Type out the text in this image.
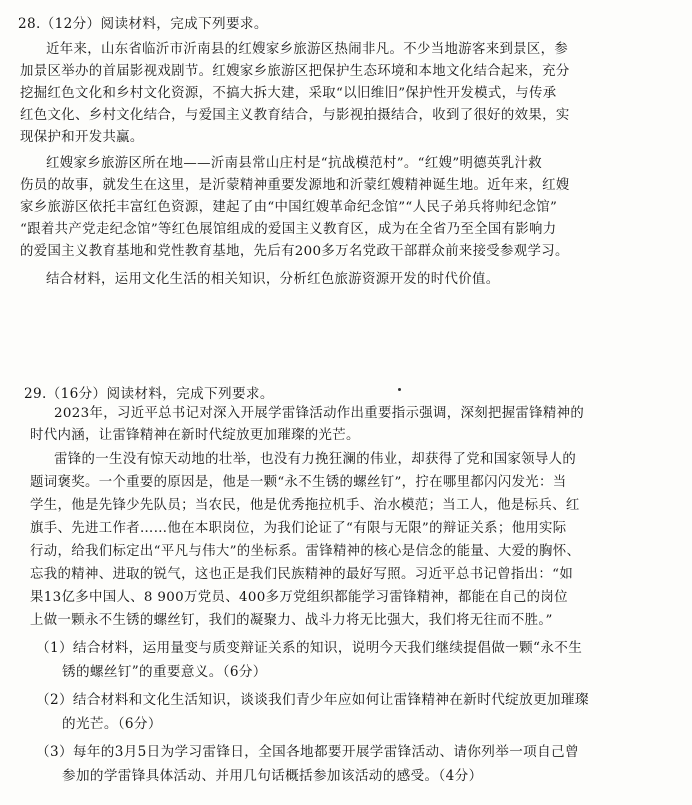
28.（12分）阅读材料，完成下列要求。
近年来，山东省临沂市沂南县的红嫂家乡旅游区热闹非凡。不少当地游客来到景区，参
加景区举办的首届影视戏剧节。红嫂家乡旅游区把保护生态环境和本地文化结合起来，充分
挖掘红色文化和乡村文化资源，不搞大拆大建，采取“以旧维旧”保护性开发模式，与传承
红色文化、乡村文化结合，与爱国主义教育结合，与影视拍摄结合，收到了很好的效果，实
现保护和开发共赢。
红嫂家乡旅游区所在地——沂南县常山庄村是“抗战模范村”。“红嫂”明德英乳汁救
伤员的故事，就发生在这里，是沂蒙精神重要发源地和沂蒙红嫂精神诞生地。近年来，红嫂
家乡旅游区依托丰富红色资源，建起了由“中国红嫂革命纪念馆”“人民子弟兵将帅纪念馆”
“跟着共产党走纪念馆”等红色展馆组成的爱国主义教育区，成为在全省乃至全国有影响力
的爱国主义教育基地和党性教育基地，先后有200多万名党政干部群众前来接受参观学习。
结合材料，运用文化生活的相关知识，分析红色旅游资源开发的时代价值。
29.（16分）阅读材料，完成下列要求。
2023年，习近平总书记对深入开展学雷锋活动作出重要指示强调，深刻把握雷锋精神的
时代内涵，让雷锋精神在新时代绽放更加璀璨的光芒。
雷锋的一生没有惊天动地的壮举，也没有力挽狂澜的伟业，却获得了党和国家领导人的
题词褒奖。一个重要的原因是，他是一颗“永不生锈的螺丝钉”，拧在哪里都闪闪发光：当
学生，他是先锋少先队员；当农民，他是优秀拖拉机手、治水模范；当工人，他是标兵、红
旗手、先进工作者……他在本职岗位，为我们论证了“有限与无限”的辩证关系；他用实际
行动，给我们标定出“平凡与伟大”的坐标系。雷锋精神的核心是信念的能量、大爱的胸怀、
忘我的精神、进取的锐气，这也正是我们民族精神的最好写照。习近平总书记曾指出：“如
果13亿多中国人、8 900万党员、400多万党组织都能学习雷锋精神，都能在自己的岗位
上做一颗永不生锈的螺丝钉，我们的凝聚力、战斗力将无比强大，我们将无往而不胜。”
（1）结合材料，运用量变与质变辩证关系的知识，说明今天我们继续提倡做一颗“永不生
锈的螺丝钉”的重要意义。（6分）
（2）结合材料和文化生活知识，谈谈我们青少年应如何让雷锋精神在新时代绽放更加璀璨
的光芒。（6分）
（3）每年的3月5日为学习雷锋日，全国各地都要开展学雷锋活动、请你列举一项自己曾
参加的学雷锋具体活动、并用几句话概括参加该活动的感受。（4分）
